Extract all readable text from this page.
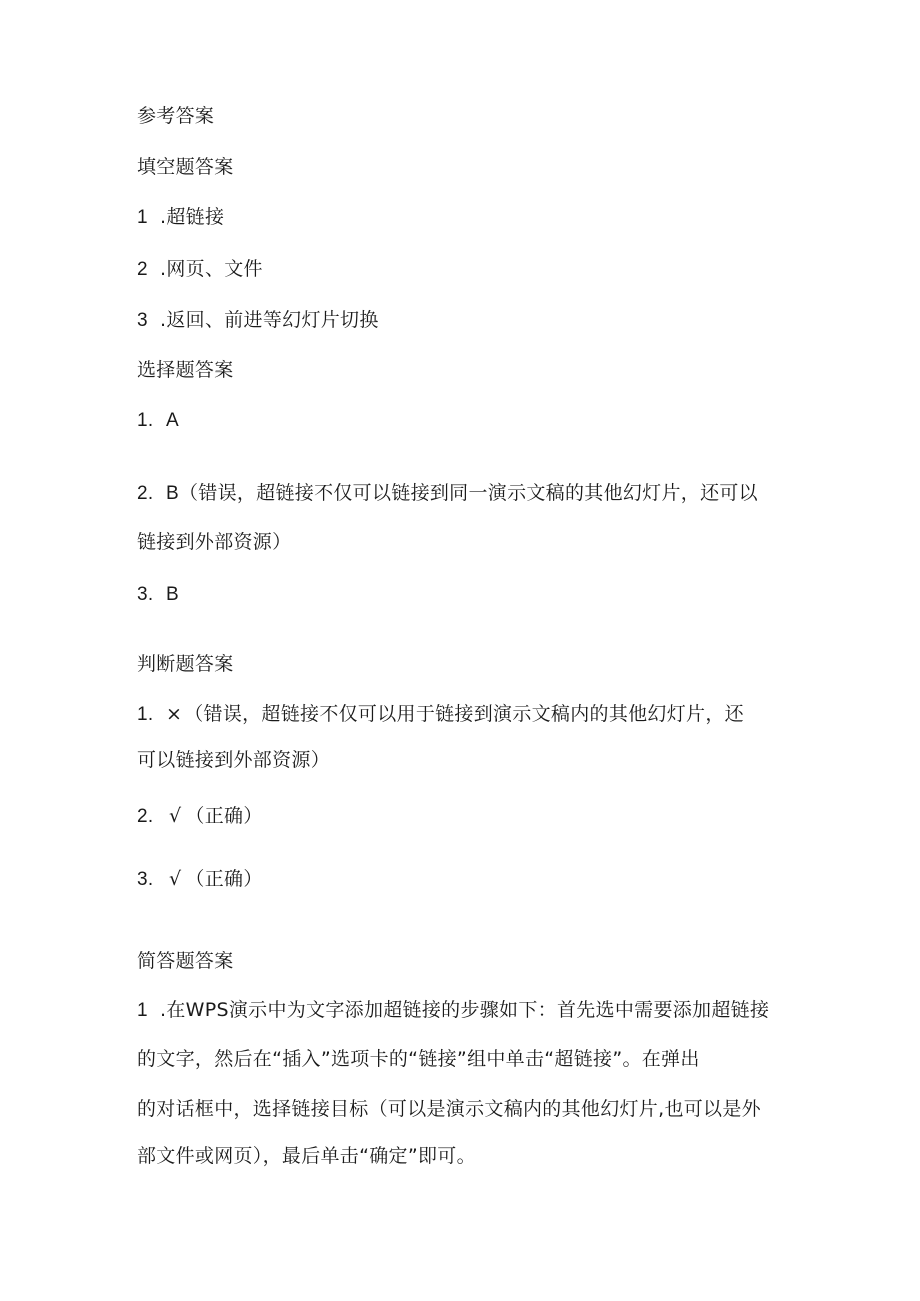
参考答案
填空题答案
1 .超链接
2 .网页、文件
3 .返回、前进等幻灯片切换
选择题答案
1. A
2. B（错误，超链接不仅可以链接到同一演示文稿的其他幻灯片，还可以
链接到外部资源）
3. B
判断题答案
1. × （错误，超链接不仅可以用于链接到演示文稿内的其他幻灯片，还
可以链接到外部资源）
2. √ （正确）
3. √ （正确）
简答题答案
1 .在WPS演示中为文字添加超链接的步骤如下：首先选中需要添加超链接
的文字，然后在“插入”选项卡的“链接”组中单击“超链接”。在弹出
的对话框中，选择链接目标（可以是演示文稿内的其他幻灯片,也可以是外
部文件或网页），最后单击“确定”即可。
